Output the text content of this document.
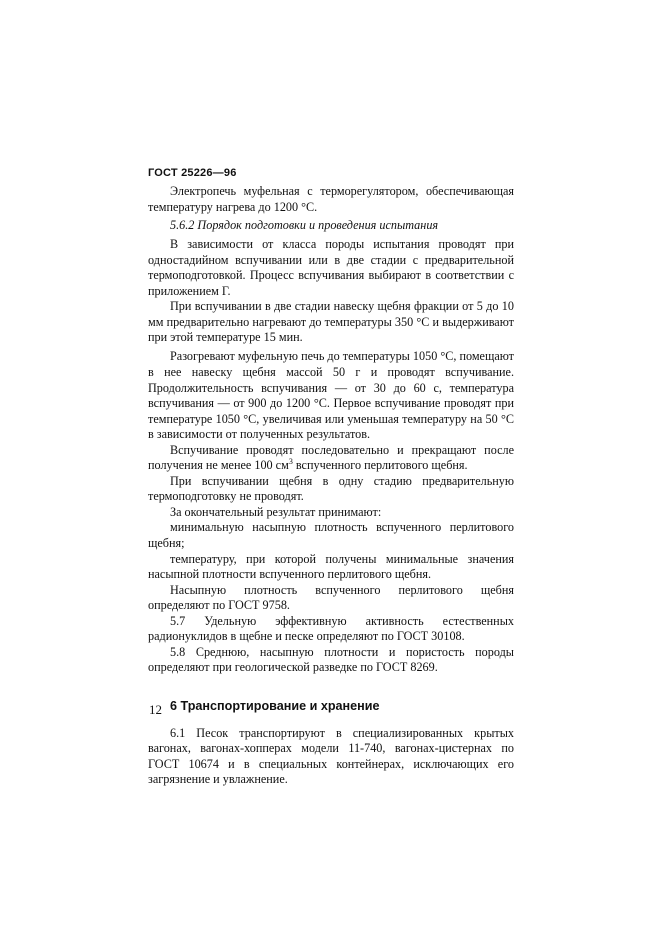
ГОСТ 25226—96

Электропечь муфельная с терморегулятором, обеспечивающая температуру нагрева до 1200 °С.

5.6.2 Порядок подготовки и проведения испытания

В зависимости от класса породы испытания проводят при одностадийном вспучивании или в две стадии с предварительной термоподготовкой. Процесс вспучивания выбирают в соответствии с приложением Г.

При вспучивании в две стадии навеску щебня фракции от 5 до 10 мм предварительно нагревают до температуры 350 °С и выдерживают при этой температуре 15 мин.

Разогревают муфельную печь до температуры 1050 °С, помещают в нее навеску щебня массой 50 г и проводят вспучивание. Продолжительность вспучивания — от 30 до 60 с, температура вспучивания — от 900 до 1200 °С. Первое вспучивание проводят при температуре 1050 °С, увеличивая или уменьшая температуру на 50 °С в зависимости от полученных результатов.

Вспучивание проводят последовательно и прекращают после получения не менее 100 $см^3$ вспученного перлитового щебня.

При вспучивании щебня в одну стадию предварительную термоподготовку не проводят.

За окончательный результат принимают:

минимальную насыпную плотность вспученного перлитового щебня;

температуру, при которой получены минимальные значения насыпной плотности вспученного перлитового щебня.

Насыпную плотность вспученного перлитового щебня определяют по ГОСТ 9758.

5.7 Удельную эффективную активность естественных радионуклидов в щебне и песке определяют по ГОСТ 30108.

5.8 Среднюю, насыпную плотности и пористость породы определяют при геологической разведке по ГОСТ 8269.

6 Транспортирование и хранение

6.1 Песок транспортируют в специализированных крытых вагонах, вагонах-хопперах модели 11-740, вагонах-цистернах по ГОСТ 10674 и в специальных контейнерах, исключающих его загрязнение и увлажнение.

12
